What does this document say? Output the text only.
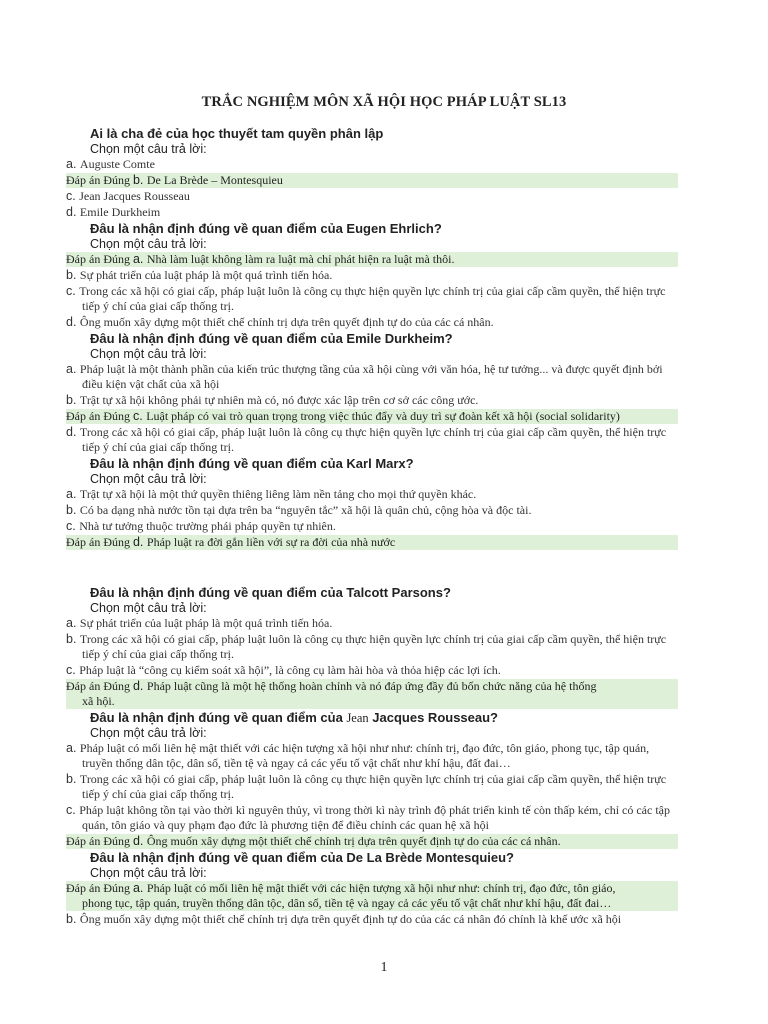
TRẮC NGHIỆM MÔN XÃ HỘI HỌC PHÁP LUẬT SL13
Ai là cha đẻ của học thuyết tam quyền phân lập
Chọn một câu trả lời:
a. Auguste Comte
Đáp án Đúng b. De La Brède – Montesquieu
c. Jean Jacques Rousseau
d. Emile Durkheim
Đâu là nhận định đúng về quan điểm của Eugen Ehrlich?
Chọn một câu trả lời:
Đáp án Đúng a. Nhà làm luật không làm ra luật mà chỉ phát hiện ra luật mà thôi.
b. Sự phát triển của luật pháp là một quá trình tiến hóa.
c. Trong các xã hội có giai cấp, pháp luật luôn là công cụ thực hiện quyền lực chính trị của giai cấp cầm quyền, thể hiện trực tiếp ý chí của giai cấp thống trị.
d. Ông muốn xây dựng một thiết chế chính trị dựa trên quyết định tự do của các cá nhân.
Đâu là nhận định đúng về quan điểm của Emile Durkheim?
Chọn một câu trả lời:
a. Pháp luật là một thành phần của kiến trúc thượng tầng của xã hội cùng với văn hóa, hệ tư tưởng... và được quyết định bởi điều kiện vật chất của xã hội
b. Trật tự xã hội không phải tự nhiên mà có, nó được xác lập trên cơ sở các công ước.
Đáp án Đúng c. Luật pháp có vai trò quan trọng trong việc thúc đẩy và duy trì sự đoàn kết xã hội (social solidarity)
d. Trong các xã hội có giai cấp, pháp luật luôn là công cụ thực hiện quyền lực chính trị của giai cấp cầm quyền, thể hiện trực tiếp ý chí của giai cấp thống trị.
Đâu là nhận định đúng về quan điểm của Karl Marx?
Chọn một câu trả lời:
a. Trật tự xã hội là một thứ quyền thiêng liêng làm nền tảng cho mọi thứ quyền khác.
b. Có ba dạng nhà nước tồn tại dựa trên ba “nguyên tắc” xã hội là quân chủ, cộng hòa và độc tài.
c. Nhà tư tưởng thuộc trường phái pháp quyền tự nhiên.
Đáp án Đúng d. Pháp luật ra đời gắn liền với sự ra đời của nhà nước
Đâu là nhận định đúng về quan điểm của Talcott Parsons?
Chọn một câu trả lời:
a. Sự phát triển của luật pháp là một quá trình tiến hóa.
b. Trong các xã hội có giai cấp, pháp luật luôn là công cụ thực hiện quyền lực chính trị của giai cấp cầm quyền, thể hiện trực tiếp ý chí của giai cấp thống trị.
c. Pháp luật là “công cụ kiểm soát xã hội”, là công cụ làm hài hòa và thỏa hiệp các lợi ích.
Đáp án Đúng d. Pháp luật cũng là một hệ thống hoàn chỉnh và nó đáp ứng đầy đủ bốn chức năng của hệ thống
xã hội.
Đâu là nhận định đúng về quan điểm của Jean Jacques Rousseau?
Chọn một câu trả lời:
a. Pháp luật có mối liên hệ mật thiết với các hiện tượng xã hội như như: chính trị, đạo đức, tôn giáo, phong tục, tập quán, truyền thống dân tộc, dân số, tiền tệ và ngay cả các yếu tố vật chất như khí hậu, đất đai…
b. Trong các xã hội có giai cấp, pháp luật luôn là công cụ thực hiện quyền lực chính trị của giai cấp cầm quyền, thể hiện trực tiếp ý chí của giai cấp thống trị.
c. Pháp luật không tồn tại vào thời kì nguyên thủy, vì trong thời kì này trình độ phát triển kinh tế còn thấp kém, chỉ có các tập quán, tôn giáo và quy phạm đạo đức là phương tiện để điều chỉnh các quan hệ xã hội
Đáp án Đúng d. Ông muốn xây dựng một thiết chế chính trị dựa trên quyết định tự do của các cá nhân.
Đâu là nhận định đúng về quan điểm của De La Brède Montesquieu?
Chọn một câu trả lời:
Đáp án Đúng a. Pháp luật có mối liên hệ mật thiết với các hiện tượng xã hội như như: chính trị, đạo đức, tôn giáo,
phong tục, tập quán, truyền thống dân tộc, dân số, tiền tệ và ngay cả các yếu tố vật chất như khí hậu, đất đai…
b. Ông muốn xây dựng một thiết chế chính trị dựa trên quyết định tự do của các cá nhân đó chính là khế ước xã hội
1
